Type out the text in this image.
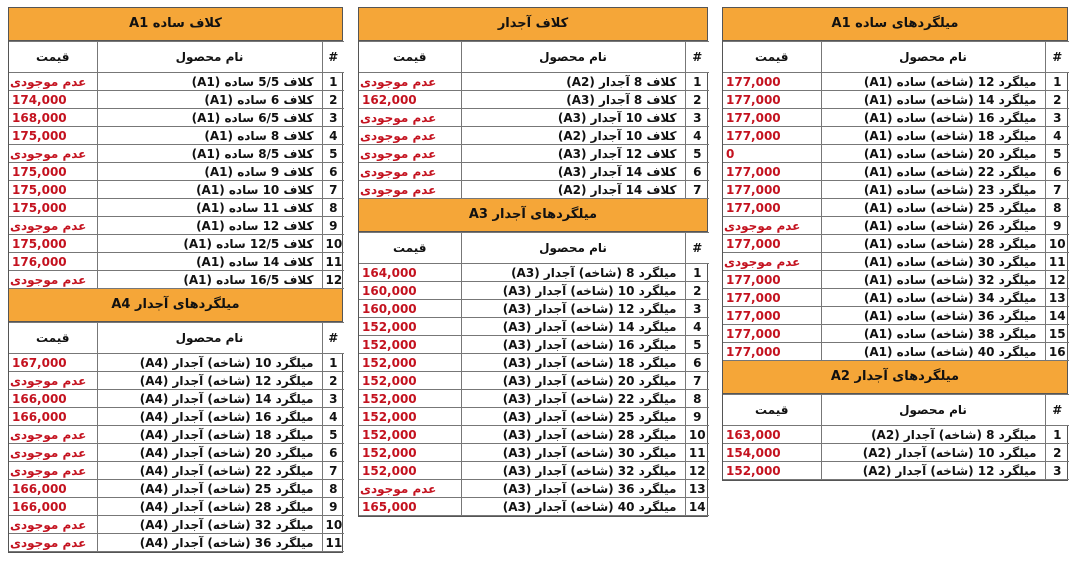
کلاف ساده A1
قیمت	نام محصول	#
عدم موجودی	کلاف 5/5 ساده (A1)	1
174,000	کلاف 6 ساده (A1)	2
168,000	کلاف 6/5 ساده (A1)	3
175,000	کلاف 8 ساده (A1)	4
عدم موجودی	کلاف 8/5 ساده (A1)	5
175,000	کلاف 9 ساده (A1)	6
175,000	کلاف 10 ساده (A1)	7
175,000	کلاف 11 ساده (A1)	8
عدم موجودی	کلاف 12 ساده (A1)	9
175,000	کلاف 12/5 ساده (A1)	10
176,000	کلاف 14 ساده (A1)	11
عدم موجودی	کلاف 16/5 ساده (A1)	12
میلگردهای آجدار A4
قیمت	نام محصول	#
167,000	میلگرد 10 (شاخه) آجدار (A4)	1
عدم موجودی	میلگرد 12 (شاخه) آجدار (A4)	2
166,000	میلگرد 14 (شاخه) آجدار (A4)	3
166,000	میلگرد 16 (شاخه) آجدار (A4)	4
عدم موجودی	میلگرد 18 (شاخه) آجدار (A4)	5
عدم موجودی	میلگرد 20 (شاخه) آجدار (A4)	6
عدم موجودی	میلگرد 22 (شاخه) آجدار (A4)	7
166,000	میلگرد 25 (شاخه) آجدار (A4)	8
166,000	میلگرد 28 (شاخه) آجدار (A4)	9
عدم موجودی	میلگرد 32 (شاخه) آجدار (A4)	10
عدم موجودی	میلگرد 36 (شاخه) آجدار (A4)	11
کلاف آجدار
قیمت	نام محصول	#
عدم موجودی	کلاف 8 آجدار (A2)	1
162,000	کلاف 8 آجدار (A3)	2
عدم موجودی	کلاف 10 آجدار (A3)	3
عدم موجودی	کلاف 10 آجدار (A2)	4
عدم موجودی	کلاف 12 آجدار (A3)	5
عدم موجودی	کلاف 14 آجدار (A3)	6
عدم موجودی	کلاف 14 آجدار (A2)	7
میلگردهای آجدار A3
قیمت	نام محصول	#
164,000	میلگرد 8 (شاخه) آجدار (A3)	1
160,000	میلگرد 10 (شاخه) آجدار (A3)	2
160,000	میلگرد 12 (شاخه) آجدار (A3)	3
152,000	میلگرد 14 (شاخه) آجدار (A3)	4
152,000	میلگرد 16 (شاخه) آجدار (A3)	5
152,000	میلگرد 18 (شاخه) آجدار (A3)	6
152,000	میلگرد 20 (شاخه) آجدار (A3)	7
152,000	میلگرد 22 (شاخه) آجدار (A3)	8
152,000	میلگرد 25 (شاخه) آجدار (A3)	9
152,000	میلگرد 28 (شاخه) آجدار (A3)	10
152,000	میلگرد 30 (شاخه) آجدار (A3)	11
152,000	میلگرد 32 (شاخه) آجدار (A3)	12
عدم موجودی	میلگرد 36 (شاخه) آجدار (A3)	13
165,000	میلگرد 40 (شاخه) آجدار (A3)	14
میلگردهای ساده A1
قیمت	نام محصول	#
177,000	میلگرد 12 (شاخه) ساده (A1)	1
177,000	میلگرد 14 (شاخه) ساده (A1)	2
177,000	میلگرد 16 (شاخه) ساده (A1)	3
177,000	میلگرد 18 (شاخه) ساده (A1)	4
0	میلگرد 20 (شاخه) ساده (A1)	5
177,000	میلگرد 22 (شاخه) ساده (A1)	6
177,000	میلگرد 23 (شاخه) ساده (A1)	7
177,000	میلگرد 25 (شاخه) ساده (A1)	8
عدم موجودی	میلگرد 26 (شاخه) ساده (A1)	9
177,000	میلگرد 28 (شاخه) ساده (A1)	10
عدم موجودی	میلگرد 30 (شاخه) ساده (A1)	11
177,000	میلگرد 32 (شاخه) ساده (A1)	12
177,000	میلگرد 34 (شاخه) ساده (A1)	13
177,000	میلگرد 36 (شاخه) ساده (A1)	14
177,000	میلگرد 38 (شاخه) ساده (A1)	15
177,000	میلگرد 40 (شاخه) ساده (A1)	16
میلگردهای آجدار A2
قیمت	نام محصول	#
163,000	میلگرد 8 (شاخه) آجدار (A2)	1
154,000	میلگرد 10 (شاخه) آجدار (A2)	2
152,000	میلگرد 12 (شاخه) آجدار (A2)	3
